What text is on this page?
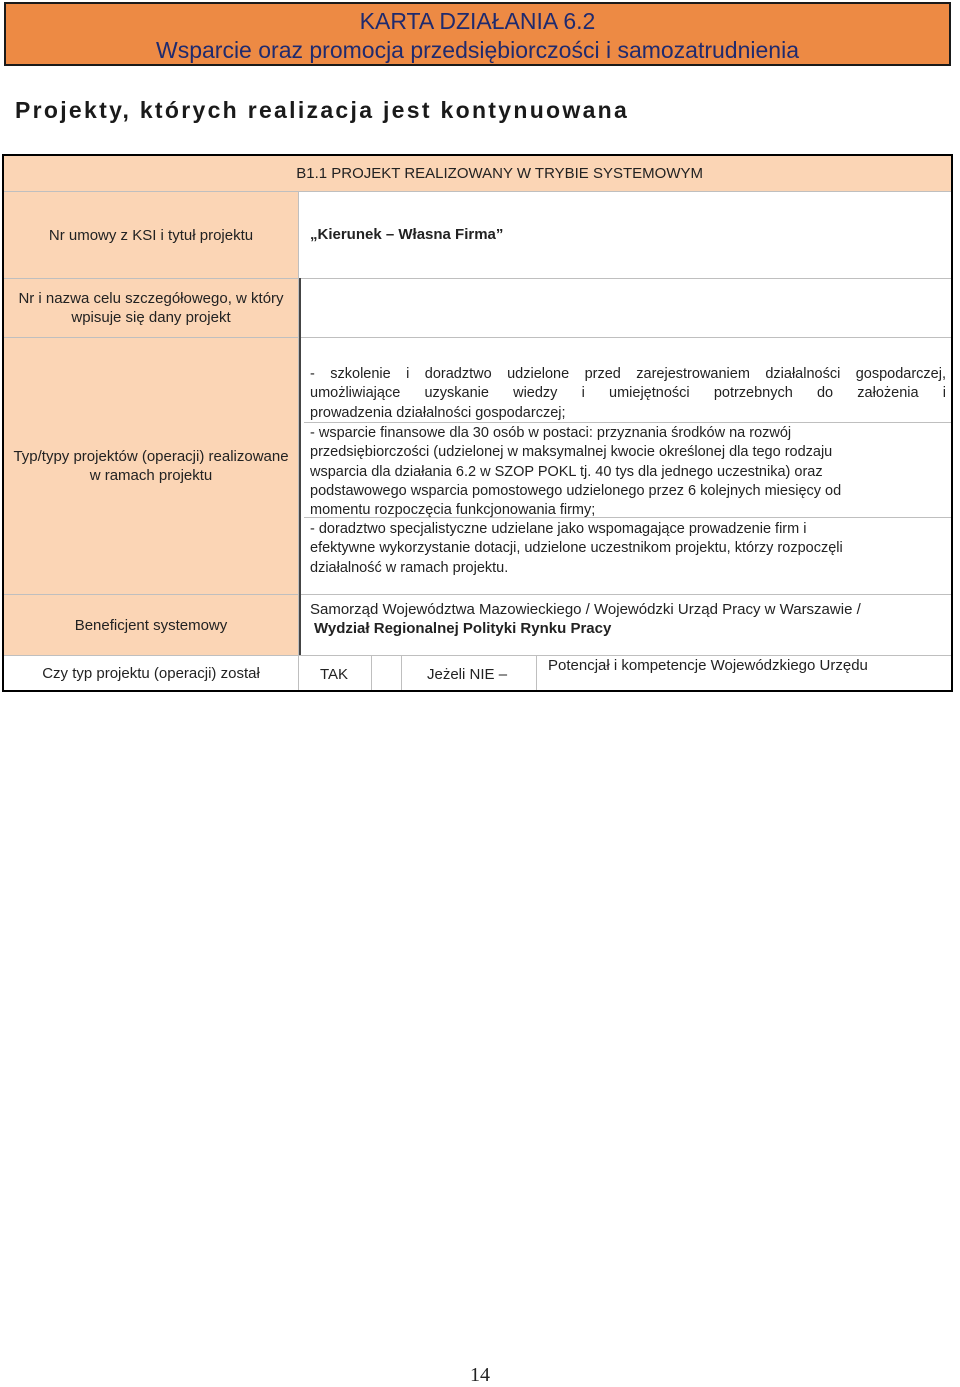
KARTA DZIAŁANIA 6.2
Wsparcie oraz promocja przedsiębiorczości i samozatrudnienia
Projekty, których realizacja jest kontynuowana
B1.1 PROJEKT REALIZOWANY W TRYBIE SYSTEMOWYM
Nr umowy z KSI i tytuł projektu
Nr i nazwa celu szczegółowego, w który wpisuje się dany projekt
Typ/typy projektów (operacji) realizowane w ramach projektu
Beneficjent systemowy
Czy typ projektu (operacji) został
„Kierunek – Własna Firma”
- szkolenie i doradztwo udzielone przed zarejestrowaniem działalności gospodarczej,
umożliwiające uzyskanie wiedzy i umiejętności potrzebnych do założenia i
prowadzenia działalności gospodarczej;
- wsparcie finansowe dla 30 osób w postaci: przyznania środków na rozwój
przedsiębiorczości (udzielonej w maksymalnej kwocie określonej dla tego rodzaju
wsparcia dla działania 6.2 w SZOP POKL tj. 40 tys dla jednego uczestnika) oraz
podstawowego wsparcia pomostowego udzielonego przez 6 kolejnych miesięcy od
momentu rozpoczęcia funkcjonowania firmy;
- doradztwo specjalistyczne udzielane jako wspomagające prowadzenie firm i
efektywne wykorzystanie dotacji, udzielone uczestnikom projektu, którzy rozpoczęli
działalność w ramach projektu.
Samorząd Województwa Mazowieckiego / Wojewódzki Urząd Pracy w Warszawie /
Wydział Regionalnej Polityki Rynku Pracy
TAK	Jeżeli NIE –
Potencjał i kompetencje Wojewódzkiego Urzędu
14
